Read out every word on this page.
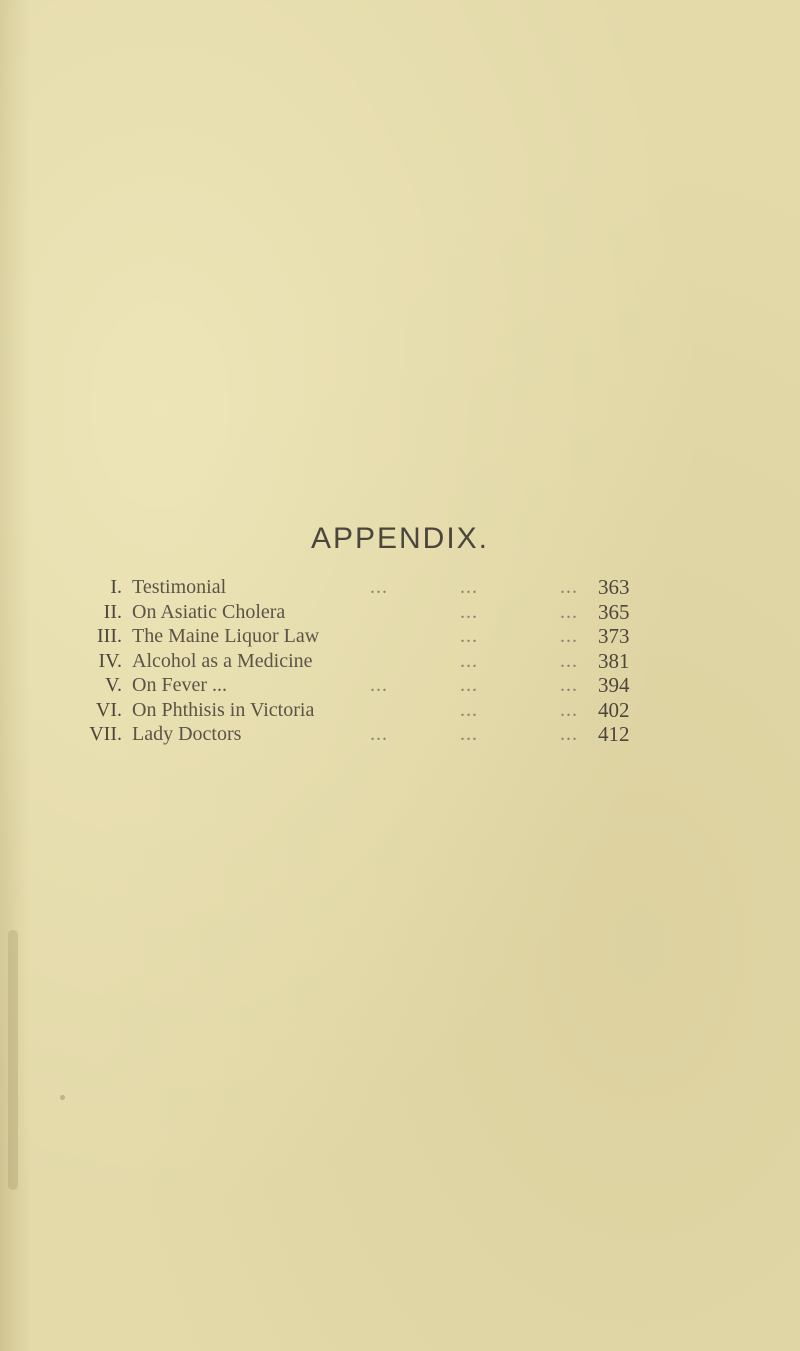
APPENDIX.
I. Testimonial	...	...	... 363
II. On Asiatic Cholera	...	... 365
III. The Maine Liquor Law	...	... 373
IV. Alcohol as a Medicine	...	... 381
V. On Fever ...	...	...	... 394
VI. On Phthisis in Victoria	...	... 402
VII. Lady Doctors	...	...	... 412
